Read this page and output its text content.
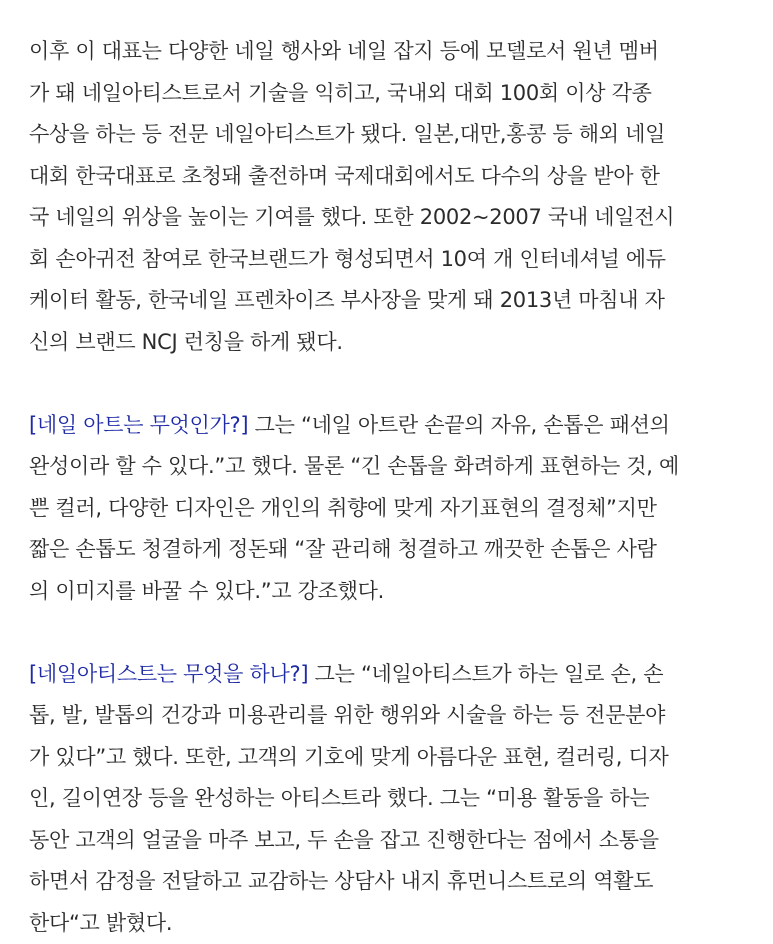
이후 이 대표는 다양한 네일 행사와 네일 잡지 등에 모델로서 원년 멤버
가 돼 네일아티스트로서 기술을 익히고, 국내외 대회 100회 이상 각종
수상을 하는 등 전문 네일아티스트가 됐다. 일본,대만,홍콩 등 해외 네일
대회 한국대표로 초청돼 출전하며 국제대회에서도 다수의 상을 받아 한
국 네일의 위상을 높이는 기여를 했다. 또한 2002~2007 국내 네일전시
회 손아귀전 참여로 한국브랜드가 형성되면서 10여 개 인터네셔널 에듀
케이터 활동, 한국네일 프렌차이즈 부사장을 맞게 돼 2013년 마침내 자
신의 브랜드 NCJ 런칭을 하게 됐다.

[네일 아트는 무엇인가?] 그는 “네일 아트란 손끝의 자유, 손톱은 패션의
완성이라 할 수 있다.”고 했다. 물론 “긴 손톱을 화려하게 표현하는 것, 예
쁜 컬러, 다양한 디자인은 개인의 취향에 맞게 자기표현의 결정체”지만
짧은 손톱도 청결하게 정돈돼 “잘 관리해 청결하고 깨끗한 손톱은 사람
의 이미지를 바꿀 수 있다.”고 강조했다.

[네일아티스트는 무엇을 하나?] 그는 “네일아티스트가 하는 일로 손, 손
톱, 발, 발톱의 건강과 미용관리를 위한 행위와 시술을 하는 등 전문분야
가 있다”고 했다. 또한, 고객의 기호에 맞게 아름다운 표현, 컬러링, 디자
인, 길이연장 등을 완성하는 아티스트라 했다. 그는 “미용 활동을 하는
동안 고객의 얼굴을 마주 보고, 두 손을 잡고 진행한다는 점에서 소통을
하면서 감정을 전달하고 교감하는 상담사 내지 휴먼니스트로의 역활도
한다“고 밝혔다.
